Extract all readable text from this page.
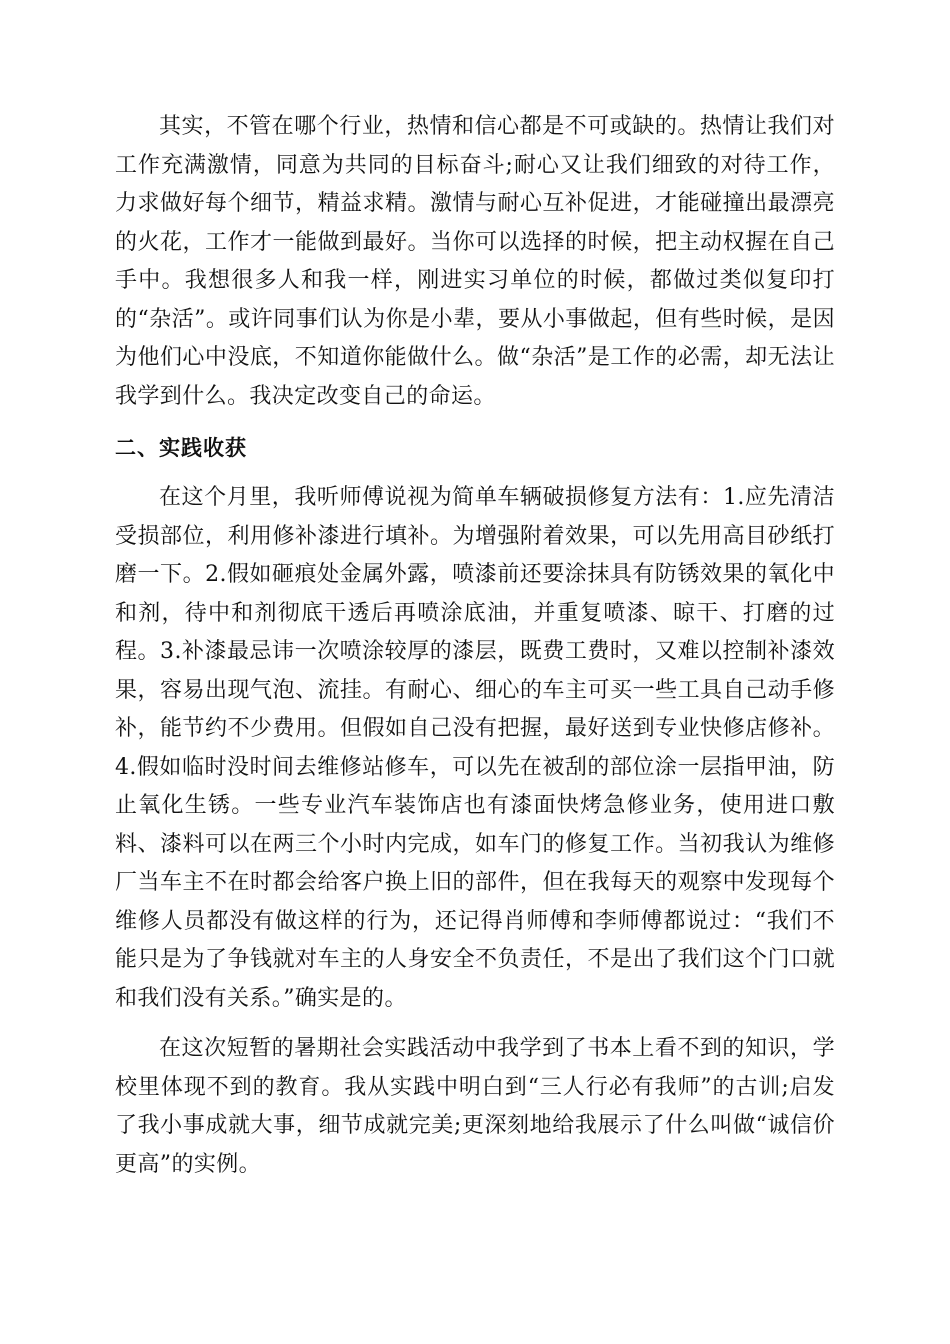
其实，不管在哪个行业，热情和信心都是不可或缺的。热情让我们对工作充满激情，同意为共同的目标奋斗;耐心又让我们细致的对待工作，力求做好每个细节，精益求精。激情与耐心互补促进，才能碰撞出最漂亮的火花，工作才一能做到最好。当你可以选择的时候，把主动权握在自己手中。我想很多人和我一样，刚进实习单位的时候，都做过类似复印打的“杂活”。或许同事们认为你是小辈，要从小事做起，但有些时候，是因为他们心中没底，不知道你能做什么。做“杂活”是工作的必需，却无法让我学到什么。我决定改变自己的命运。

二、实践收获

在这个月里，我听师傅说视为简单车辆破损修复方法有：1.应先清洁受损部位，利用修补漆进行填补。为增强附着效果，可以先用高目砂纸打磨一下。2.假如砸痕处金属外露，喷漆前还要涂抹具有防锈效果的氧化中和剂，待中和剂彻底干透后再喷涂底油，并重复喷漆、晾干、打磨的过程。3.补漆最忌讳一次喷涂较厚的漆层，既费工费时，又难以控制补漆效果，容易出现气泡、流挂。有耐心、细心的车主可买一些工具自己动手修补，能节约不少费用。但假如自己没有把握，最好送到专业快修店修补。4.假如临时没时间去维修站修车，可以先在被刮的部位涂一层指甲油，防止氧化生锈。一些专业汽车装饰店也有漆面快烤急修业务，使用进口敷料、漆料可以在两三个小时内完成，如车门的修复工作。当初我认为维修厂当车主不在时都会给客户换上旧的部件，但在我每天的观察中发现每个维修人员都没有做这样的行为，还记得肖师傅和李师傅都说过：“我们不能只是为了争钱就对车主的人身安全不负责任，不是出了我们这个门口就和我们没有关系。”确实是的。

在这次短暂的暑期社会实践活动中我学到了书本上看不到的知识，学校里体现不到的教育。我从实践中明白到“三人行必有我师”的古训;启发了我小事成就大事，细节成就完美;更深刻地给我展示了什么叫做“诚信价更高”的实例。
